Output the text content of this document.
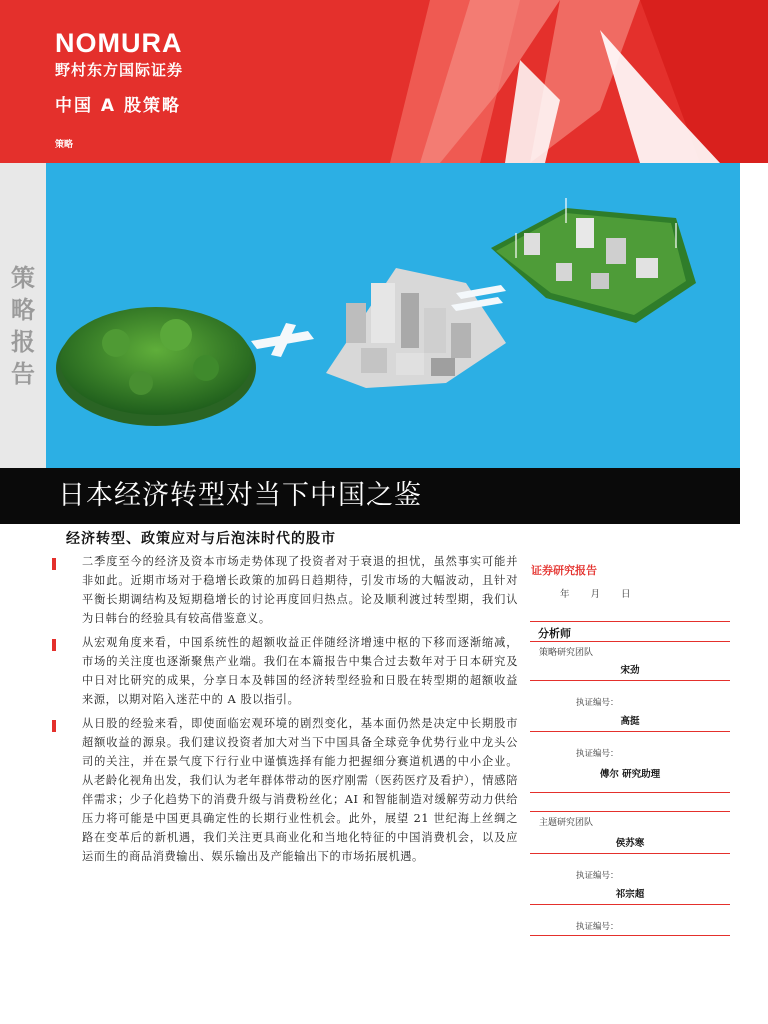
NOMURA
野村东方国际证券
中国 A 股策略
策略
策略报告
日本经济转型对当下中国之鉴
经济转型、政策应对与后泡沫时代的股市
二季度至今的经济及资本市场走势体现了投资者对于衰退的担忧，虽然事实可能并非如此。近期市场对于稳增长政策的加码日趋期待，引发市场的大幅波动，且针对平衡长期调结构及短期稳增长的讨论再度回归热点。论及顺利渡过转型期，我们认为日韩台的经验具有较高借鉴意义。
从宏观角度来看，中国系统性的超额收益正伴随经济增速中枢的下移而逐渐缩减，市场的关注度也逐渐聚焦产业端。我们在本篇报告中集合过去数年对于日本研究及中日对比研究的成果，分享日本及韩国的经济转型经验和日股在转型期的超额收益来源，以期对陷入迷茫中的 A 股以指引。
从日股的经验来看，即使面临宏观环境的剧烈变化，基本面仍然是决定中长期股市超额收益的源泉。我们建议投资者加大对当下中国具备全球竞争优势行业中龙头公司的关注，并在景气度下行行业中谨慎选择有能力把握细分赛道机遇的中小企业。从老龄化视角出发，我们认为老年群体带动的医疗刚需（医药医疗及看护），情感陪伴需求；少子化趋势下的消费升级与消费粉丝化；AI 和智能制造对缓解劳动力供给压力将可能是中国更具确定性的长期行业性机会。此外，展望 21 世纪海上丝绸之路在变革后的新机遇，我们关注更具商业化和当地化特征的中国消费机会，以及应运而生的商品消费输出、娱乐输出及产能输出下的市场拓展机遇。
证券研究报告
年 月 日
分析师
策略研究团队
宋劲
执证编号：
高挺
执证编号：
傅尔 研究助理
主题研究团队
侯苏寒
执证编号：
祁宗超
执证编号：
